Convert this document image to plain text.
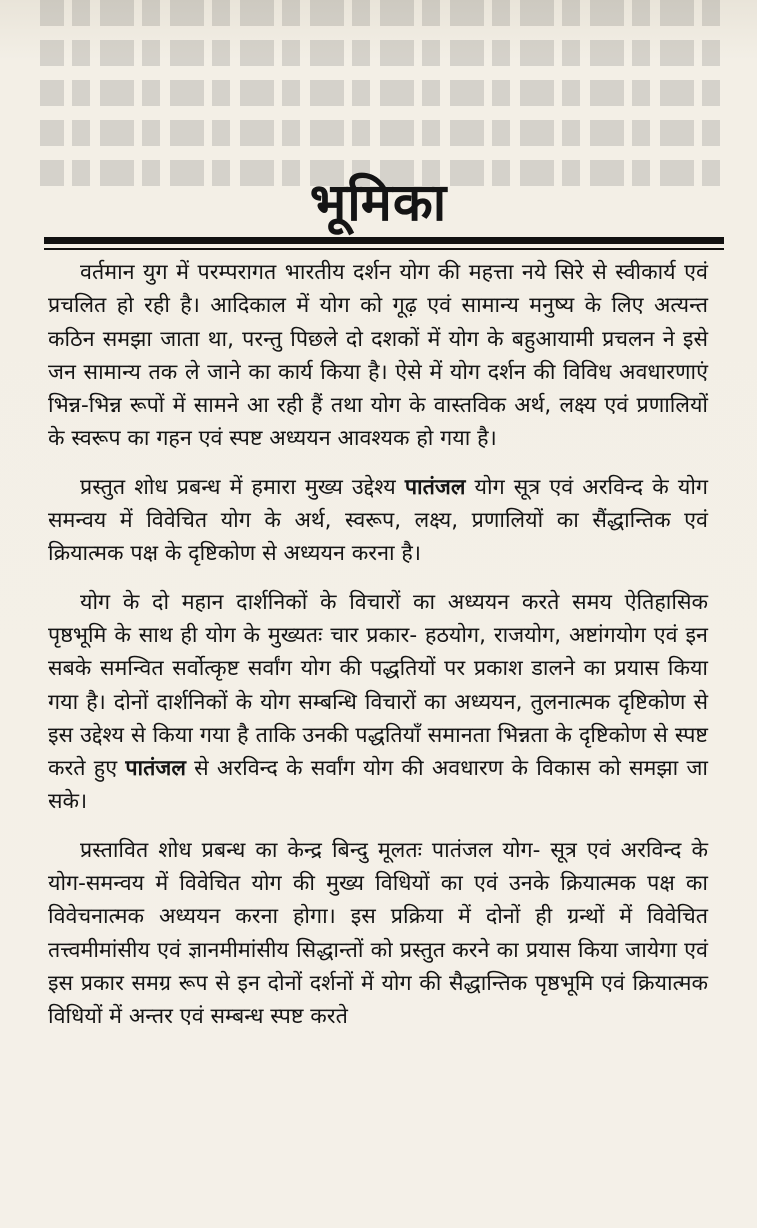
भूमिका

वर्तमान युग में परम्परागत भारतीय दर्शन योग की महत्ता नये सिरे से स्वीकार्य एवं प्रचलित हो रही है। आदिकाल में योग को गूढ़ एवं सामान्य मनुष्य के लिए अत्यन्त कठिन समझा जाता था, परन्तु पिछले दो दशकों में योग के बहुआयामी प्रचलन ने इसे जन सामान्य तक ले जाने का कार्य किया है। ऐसे में योग दर्शन की विविध अवधारणाएं भिन्न-भिन्न रूपों में सामने आ रही हैं तथा योग के वास्तविक अर्थ, लक्ष्य एवं प्रणालियों के स्वरूप का गहन एवं स्पष्ट अध्ययन आवश्यक हो गया है।

प्रस्तुत शोध प्रबन्ध में हमारा मुख्य उद्देश्य पातंजल योग सूत्र एवं अरविन्द के योग समन्वय में विवेचित योग के अर्थ, स्वरूप, लक्ष्य, प्रणालियों का सैंद्धान्तिक एवं क्रियात्मक पक्ष के दृष्टिकोण से अध्ययन करना है।

योग के दो महान दार्शनिकों के विचारों का अध्ययन करते समय ऐतिहासिक पृष्ठभूमि के साथ ही योग के मुख्यतः चार प्रकार- हठयोग, राजयोग, अष्टांगयोग एवं इन सबके समन्वित सर्वोत्कृष्ट सर्वांग योग की पद्धतियों पर प्रकाश डालने का प्रयास किया गया है। दोनों दार्शनिकों के योग सम्बन्धि विचारों का अध्ययन, तुलनात्मक दृष्टिकोण से इस उद्देश्य से किया गया है ताकि उनकी पद्धतियाँ समानता भिन्नता के दृष्टिकोण से स्पष्ट करते हुए पातंजल से अरविन्द के सर्वांग योग की अवधारण के विकास को समझा जा सके।

प्रस्तावित शोध प्रबन्ध का केन्द्र बिन्दु मूलतः पातंजल योग- सूत्र एवं अरविन्द के योग-समन्वय में विवेचित योग की मुख्य विधियों का एवं उनके क्रियात्मक पक्ष का विवेचनात्मक अध्ययन करना होगा। इस प्रक्रिया में दोनों ही ग्रन्थों में विवेचित तत्त्वमीमांसीय एवं ज्ञानमीमांसीय सिद्धान्तों को प्रस्तुत करने का प्रयास किया जायेगा एवं इस प्रकार समग्र रूप से इन दोनों दर्शनों में योग की सैद्धान्तिक पृष्ठभूमि एवं क्रियात्मक विधियों में अन्तर एवं सम्बन्ध स्पष्ट करते
